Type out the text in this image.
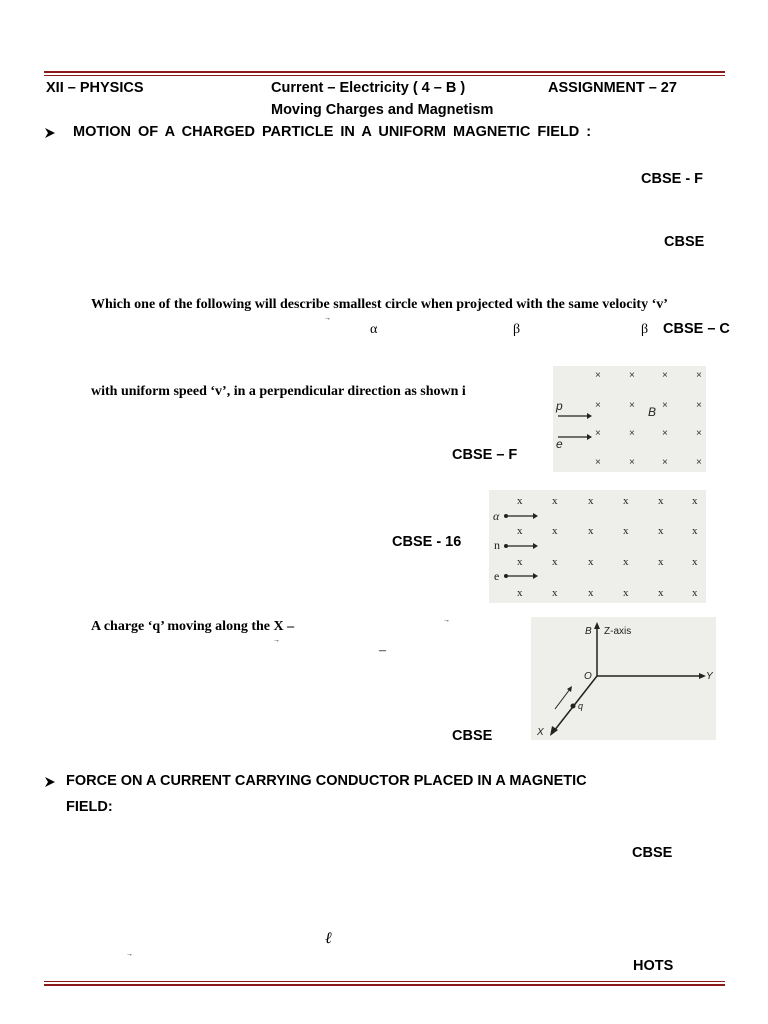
XII – PHYSICS	Current – Electricity ( 4 – B )	ASSIGNMENT – 27
Moving Charges and Magnetism
MOTION OF A CHARGED PARTICLE IN A UNIFORM MAGNETIC FIELD :
CBSE - F
CBSE
Which one of the following will describe smallest circle when projected with the same velocity ‘v’
→
α	β	β CBSE – C
with uniform speed ‘v’, in a perpendicular direction as shown i
×	×	×	×
×	×	×	×
×	×	×	×
×	×	×	×
p	B
e
CBSE – F
x	x	x	x	x	x
x	x	x	x	x	x
x	x	x	x	x	x
x	x	x	x	x	x
α
n
e
CBSE - 16
A charge ‘q’ moving along the X –	→
→
–
B Z-axis
Y
O
X
q
CBSE
FORCE ON A CURRENT CARRYING CONDUCTOR PLACED IN A MAGNETIC
FIELD:
CBSE
ℓ⃗
→
HOTS
